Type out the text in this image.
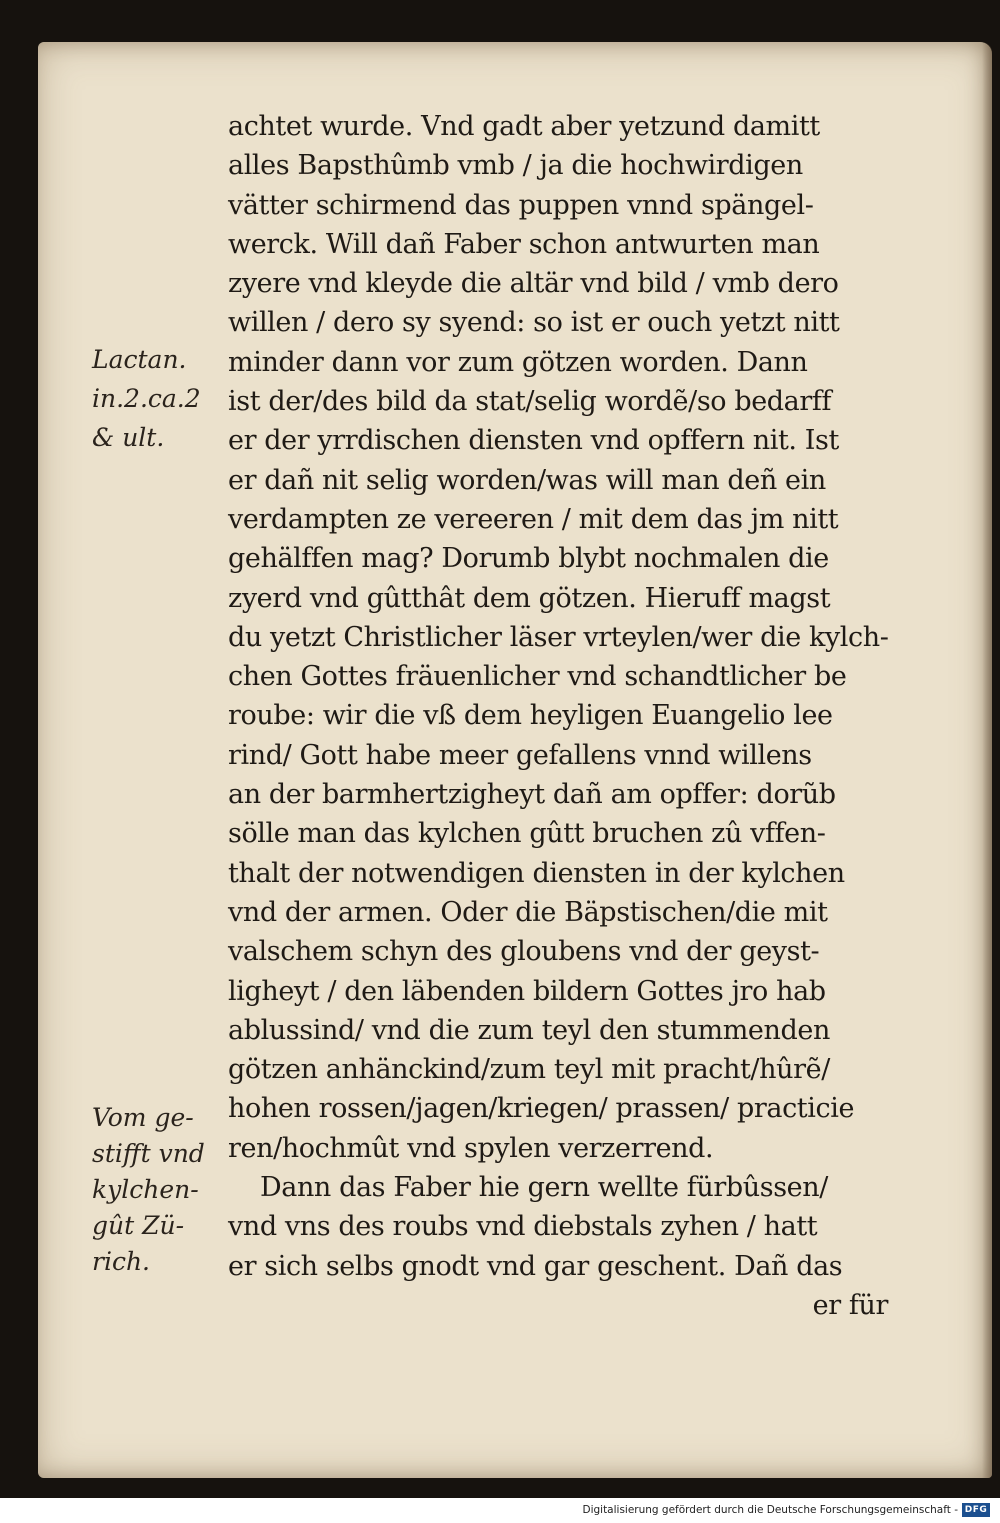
achtet wurde. Vnd gadt aber yetzund damitt
alles Bapsthûmb vmb / ja die hochwirdigen
vätter schirmend das puppen vnnd spängel-
werck. Will dañ Faber schon antwurten man
zyere vnd kleyde die altär vnd bild / vmb dero
willen / dero sy syend: so ist er ouch yetzt nitt
minder dann vor zum götzen worden. Dann
ist der/des bild da stat/selig wordẽ/so bedarff
er der yrrdischen diensten vnd opffern nit. Ist
er dañ nit selig worden/was will man deñ ein
verdampten ze vereeren / mit dem das jm nitt
gehälffen mag? Dorumb blybt nochmalen die
zyerd vnd gûtthât dem götzen. Hieruff magst
du yetzt Christlicher läser vrteylen/wer die kylch-
chen Gottes fräuenlicher vnd schandtlicher be
roube: wir die vß dem heyligen Euangelio lee
rind/ Gott habe meer gefallens vnnd willens
an der barmhertzigheyt dañ am opffer: dorũb
sölle man das kylchen gûtt bruchen zû vffen-
thalt der notwendigen diensten in der kylchen
vnd der armen. Oder die Bäpstischen/die mit
valschem schyn des gloubens vnd der geyst-
ligheyt / den läbenden bildern Gottes jro hab
ablussind/ vnd die zum teyl den stummenden
götzen anhänckind/zum teyl mit pracht/hûrẽ/
hohen rossen/jagen/kriegen/ prassen/ practicie
ren/hochmût vnd spylen verzerrend.
Dann das Faber hie gern wellte fürbûssen/
vnd vns des roubs vnd diebstals zyhen / hatt
er sich selbs gnodt vnd gar geschent. Dañ das
er für
Lactan.
in.2.ca.2
& ult.
Vom ge-
stifft vnd
kylchen-
gût Zü-
rich.
Digitalisierung gefördert durch die Deutsche Forschungsgemeinschaft - DFG
